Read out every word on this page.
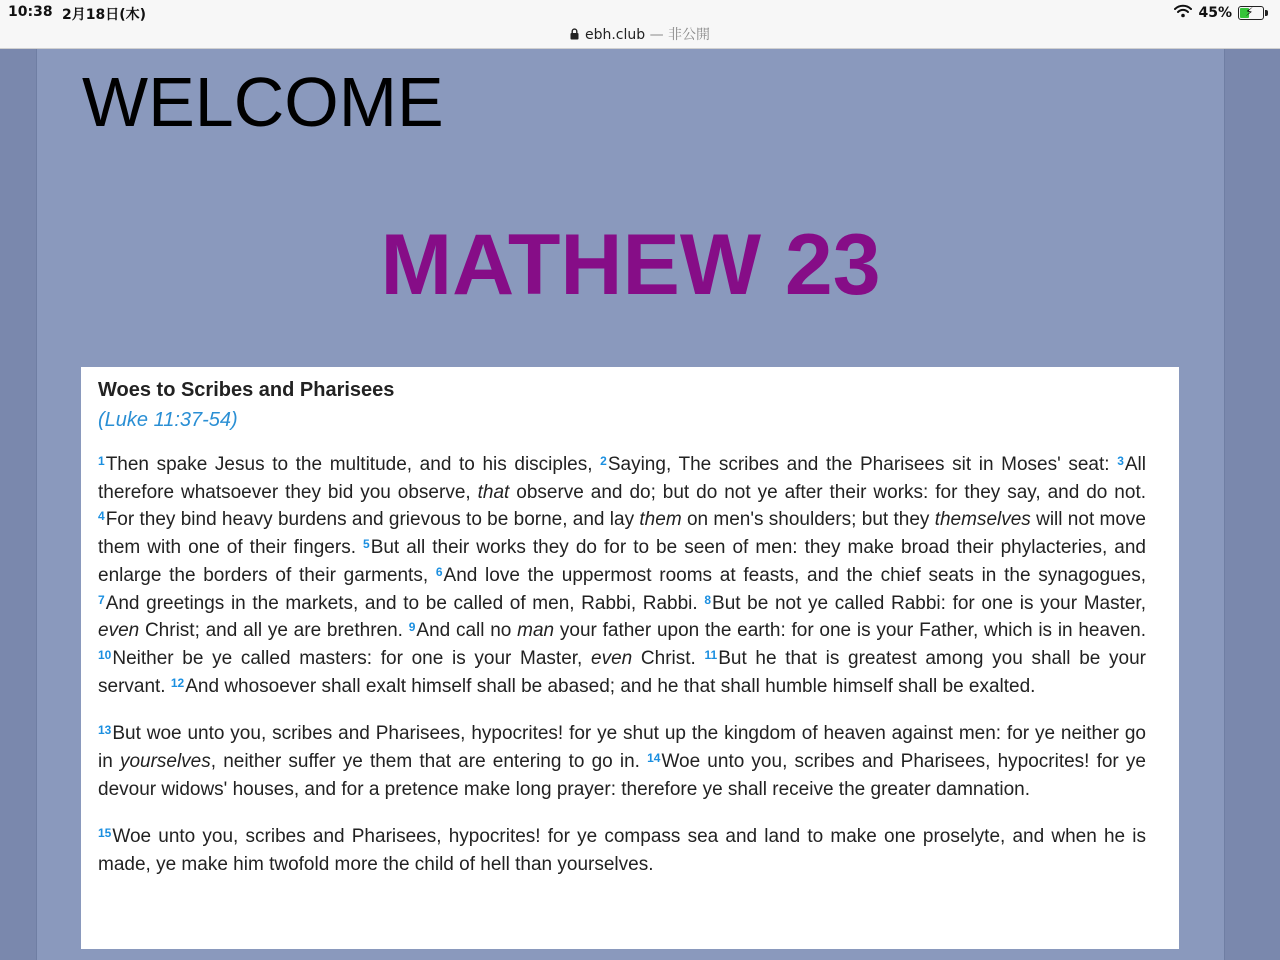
10:38 2月18日(木)
ebh.club — 非公開
45% ⚡
WELCOME
MATHEW 23

Woes to Scribes and Pharisees

(Luke 11:37-54)

$^1$Then spake Jesus to the multitude, and to his disciples, $^2$Saying, The scribes and the Pharisees sit in Moses' seat: $^3$All therefore whatsoever they bid you observe, that observe and do; but do not ye after their works: for they say, and do not. $^4$For they bind heavy burdens and grievous to be borne, and lay them on men's shoulders; but they themselves will not move them with one of their fingers. $^5$But all their works they do for to be seen of men: they make broad their phylacteries, and enlarge the borders of their garments, $^6$And love the uppermost rooms at feasts, and the chief seats in the synagogues, $^7$And greetings in the markets, and to be called of men, Rabbi, Rabbi. $^8$But be not ye called Rabbi: for one is your Master, even Christ; and all ye are brethren. $^9$And call no man your father upon the earth: for one is your Father, which is in heaven. $^{10}$Neither be ye called masters: for one is your Master, even Christ. $^{11}$But he that is greatest among you shall be your servant. $^{12}$And whosoever shall exalt himself shall be abased; and he that shall humble himself shall be exalted.

$^{13}$But woe unto you, scribes and Pharisees, hypocrites! for ye shut up the kingdom of heaven against men: for ye neither go in yourselves, neither suffer ye them that are entering to go in. $^{14}$Woe unto you, scribes and Pharisees, hypocrites! for ye devour widows' houses, and for a pretence make long prayer: therefore ye shall receive the greater damnation.

$^{15}$Woe unto you, scribes and Pharisees, hypocrites! for ye compass sea and land to make one proselyte, and when he is made, ye make him twofold more the child of hell than yourselves.
